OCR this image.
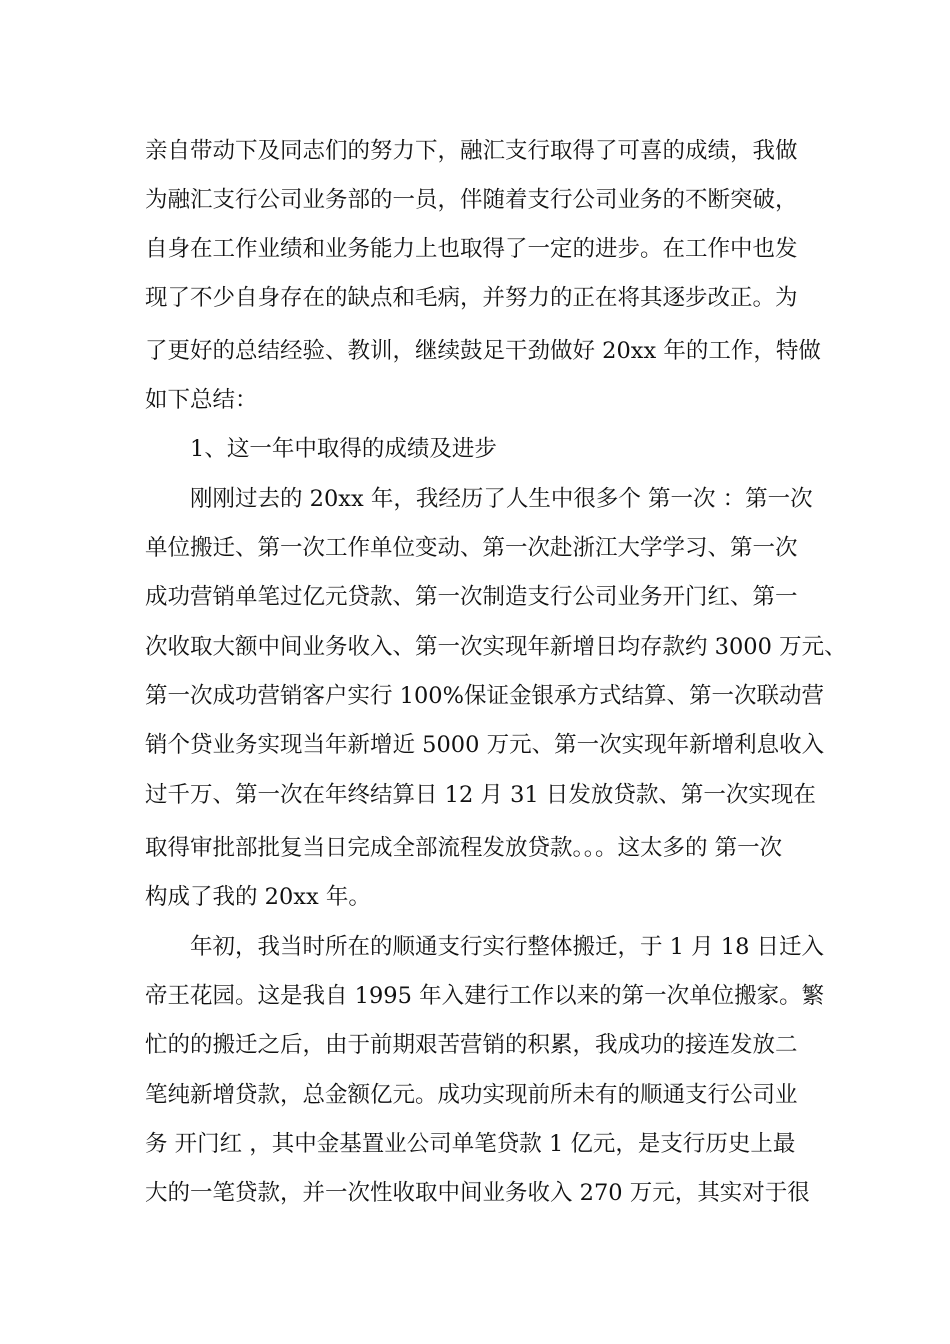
亲自带动下及同志们的努力下，融汇支行取得了可喜的成绩，我做
为融汇支行公司业务部的一员，伴随着支行公司业务的不断突破，
自身在工作业绩和业务能力上也取得了一定的进步。在工作中也发
现了不少自身存在的缺点和毛病，并努力的正在将其逐步改正。为
了更好的总结经验、教训，继续鼓足干劲做好 20xx 年的工作，特做
如下总结：
1、这一年中取得的成绩及进步
刚刚过去的 20xx 年，我经历了人生中很多个 第一次 ：第一次
单位搬迁、第一次工作单位变动、第一次赴浙江大学学习、第一次
成功营销单笔过亿元贷款、第一次制造支行公司业务开门红、第一
次收取大额中间业务收入、第一次实现年新增日均存款约 3000 万元、
第一次成功营销客户实行 100%保证金银承方式结算、第一次联动营
销个贷业务实现当年新增近 5000 万元、第一次实现年新增利息收入
过千万、第一次在年终结算日 12 月 31 日发放贷款、第一次实现在
取得审批部批复当日完成全部流程发放贷款。。。这太多的 第一次
构成了我的 20xx 年。
年初，我当时所在的顺通支行实行整体搬迁，于 1 月 18 日迁入
帝王花园。这是我自 1995 年入建行工作以来的第一次单位搬家。繁
忙的的搬迁之后，由于前期艰苦营销的积累，我成功的接连发放二
笔纯新增贷款，总金额亿元。成功实现前所未有的顺通支行公司业
务 开门红 ，其中金基置业公司单笔贷款 1 亿元，是支行历史上最
大的一笔贷款，并一次性收取中间业务收入 270 万元，其实对于很
